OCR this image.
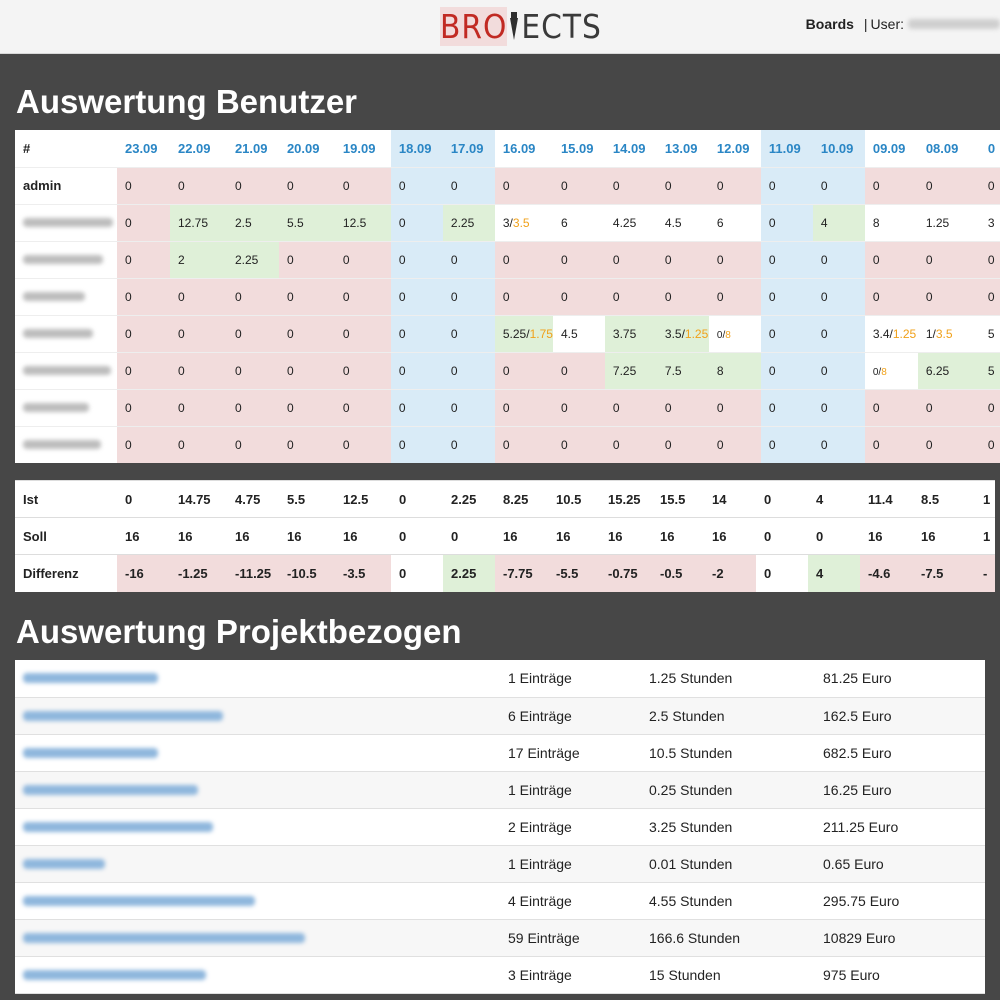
BRO ECTS	Boards | User:
Auswertung Benutzer
#	23.09	22.09	21.09	20.09	19.09	18.09	17.09	16.09	15.09	14.09	13.09	12.09	11.09	10.09	09.09	08.09	0
admin	0	0	0	0	0	0	0	0	0	0	0	0	0	0	0	0	0
	0	12.75	2.5	5.5	12.5	0	2.25	3/3.5	6	4.25	4.5	6	0	4	8	1.25	3
	0	2	2.25	0	0	0	0	0	0	0	0	0	0	0	0	0	0
	0	0	0	0	0	0	0	0	0	0	0	0	0	0	0	0	0
	0	0	0	0	0	0	0	5.25/1.75	4.5	3.75	3.5/1.25	0/8	0	0	3.4/1.25	1/3.5	5
	0	0	0	0	0	0	0	0	0	7.25	7.5	8	0	0	0/8	6.25	5
	0	0	0	0	0	0	0	0	0	0	0	0	0	0	0	0	0
	0	0	0	0	0	0	0	0	0	0	0	0	0	0	0	0	0
Ist	0	14.75	4.75	5.5	12.5	0	2.25	8.25	10.5	15.25	15.5	14	0	4	11.4	8.5	1
Soll	16	16	16	16	16	0	0	16	16	16	16	16	0	0	16	16	1
Differenz	-16	-1.25	-11.25	-10.5	-3.5	0	2.25	-7.75	-5.5	-0.75	-0.5	-2	0	4	-4.6	-7.5	-
Auswertung Projektbezogen
	1 Einträge	1.25 Stunden	81.25 Euro
	6 Einträge	2.5 Stunden	162.5 Euro
	17 Einträge	10.5 Stunden	682.5 Euro
	1 Einträge	0.25 Stunden	16.25 Euro
	2 Einträge	3.25 Stunden	211.25 Euro
	1 Einträge	0.01 Stunden	0.65 Euro
	4 Einträge	4.55 Stunden	295.75 Euro
	59 Einträge	166.6 Stunden	10829 Euro
	3 Einträge	15 Stunden	975 Euro
